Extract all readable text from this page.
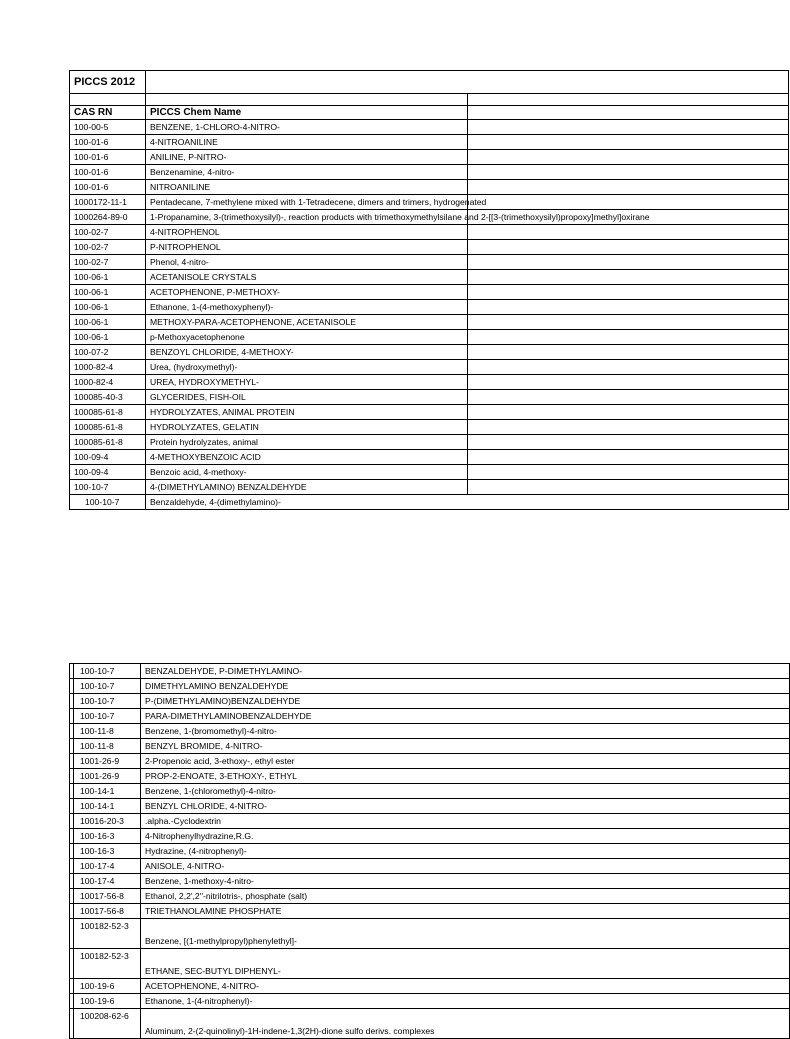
PICCS 2012		

CAS RN	PICCS Chem Name	
100-00-5	BENZENE, 1-CHLORO-4-NITRO-	
100-01-6	4-NITROANILINE	
100-01-6	ANILINE, P-NITRO-	
100-01-6	Benzenamine, 4-nitro-	
100-01-6	NITROANILINE	
1000172-11-1	Pentadecane, 7-methylene mixed with 1-Tetradecene, dimers and trimers, hydrogenated	
1000264-89-0	1-Propanamine, 3-(trimethoxysilyl)-, reaction products with trimethoxymethylsilane and 2-[[3-(trimethoxysilyl)propoxy]methyl]oxirane	
100-02-7	4-NITROPHENOL	
100-02-7	P-NITROPHENOL	
100-02-7	Phenol, 4-nitro-	
100-06-1	ACETANISOLE CRYSTALS	
100-06-1	ACETOPHENONE, P-METHOXY-	
100-06-1	Ethanone, 1-(4-methoxyphenyl)-	
100-06-1	METHOXY-PARA-ACETOPHENONE, ACETANISOLE	
100-06-1	p-Methoxyacetophenone	
100-07-2	BENZOYL CHLORIDE, 4-METHOXY-	
1000-82-4	Urea, (hydroxymethyl)-	
1000-82-4	UREA, HYDROXYMETHYL-	
100085-40-3	GLYCERIDES, FISH-OIL	
100085-61-8	HYDROLYZATES, ANIMAL PROTEIN	
100085-61-8	HYDROLYZATES, GELATIN	
100085-61-8	Protein hydrolyzates, animal	
100-09-4	4-METHOXYBENZOIC ACID	
100-09-4	Benzoic acid, 4-methoxy-	
100-10-7	4-(DIMETHYLAMINO) BENZALDEHYDE	
100-10-7	Benzaldehyde, 4-(dimethylamino)-	
	100-10-7	BENZALDEHYDE, P-DIMETHYLAMINO-
	100-10-7	DIMETHYLAMINO BENZALDEHYDE
	100-10-7	P-(DIMETHYLAMINO)BENZALDEHYDE
	100-10-7	PARA-DIMETHYLAMINOBENZALDEHYDE
	100-11-8	Benzene, 1-(bromomethyl)-4-nitro-
	100-11-8	BENZYL BROMIDE, 4-NITRO-
	1001-26-9	2-Propenoic acid, 3-ethoxy-, ethyl ester
	1001-26-9	PROP-2-ENOATE, 3-ETHOXY-, ETHYL
	100-14-1	Benzene, 1-(chloromethyl)-4-nitro-
	100-14-1	BENZYL CHLORIDE, 4-NITRO-
	10016-20-3	.alpha.-Cyclodextrin
	100-16-3	4-Nitrophenylhydrazine,R.G.
	100-16-3	Hydrazine, (4-nitrophenyl)-
	100-17-4	ANISOLE, 4-NITRO-
	100-17-4	Benzene, 1-methoxy-4-nitro-
	10017-56-8	Ethanol, 2,2',2''-nitrilotris-, phosphate (salt)
	10017-56-8	TRIETHANOLAMINE PHOSPHATE
	100182-52-3	Benzene, [(1-methylpropyl)phenylethyl]-
	100182-52-3	ETHANE, SEC-BUTYL DIPHENYL-
	100-19-6	ACETOPHENONE, 4-NITRO-
	100-19-6	Ethanone, 1-(4-nitrophenyl)-
	100208-62-6	Aluminum, 2-(2-quinolinyl)-1H-indene-1,3(2H)-dione sulfo derivs. complexes
